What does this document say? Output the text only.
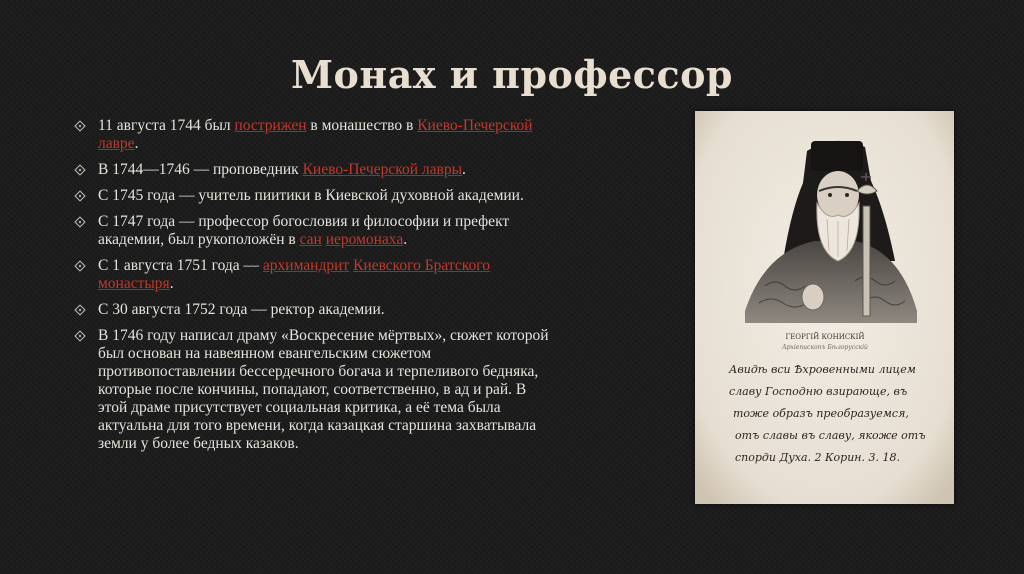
Монах и профессор
11 августа 1744 был пострижен в монашество в Киево-Печерской лавре.
В 1744—1746 — проповедник Киево-Печерской лавры.
С 1745 года — учитель пиитики в Киевской духовной академии.
С 1747 года — профессор богословия и философии и префект академии, был рукоположён в сан иеромонаха.
С 1 августа 1751 года — архимандрит Киевского Братского монастыря.
С 30 августа 1752 года — ректор академии.
В 1746 году написал драму «Воскресение мёртвых», сюжет которой был основан на навеянном евангельским сюжетом противопоставлении бессердечного богача и терпеливого бедняка, которые после кончины, попадают, соответственно, в ад и рай. В этой драме присутствует социальная критика, а её тема была актуальна для того времени, когда казацкая старшина захватывала земли у более бедных казаков.
ГЕОРГІЙ КОНИСКІЙ
Архіепископъ Бѣлорусскій
Авидѣ вси Ѣхровенными лицем
славу Господню взирающе, въ
тоже образъ преобразуемся,
отъ славы въ славу, якоже отъ
спорди Духа. 2 Корин. 3. 18.
